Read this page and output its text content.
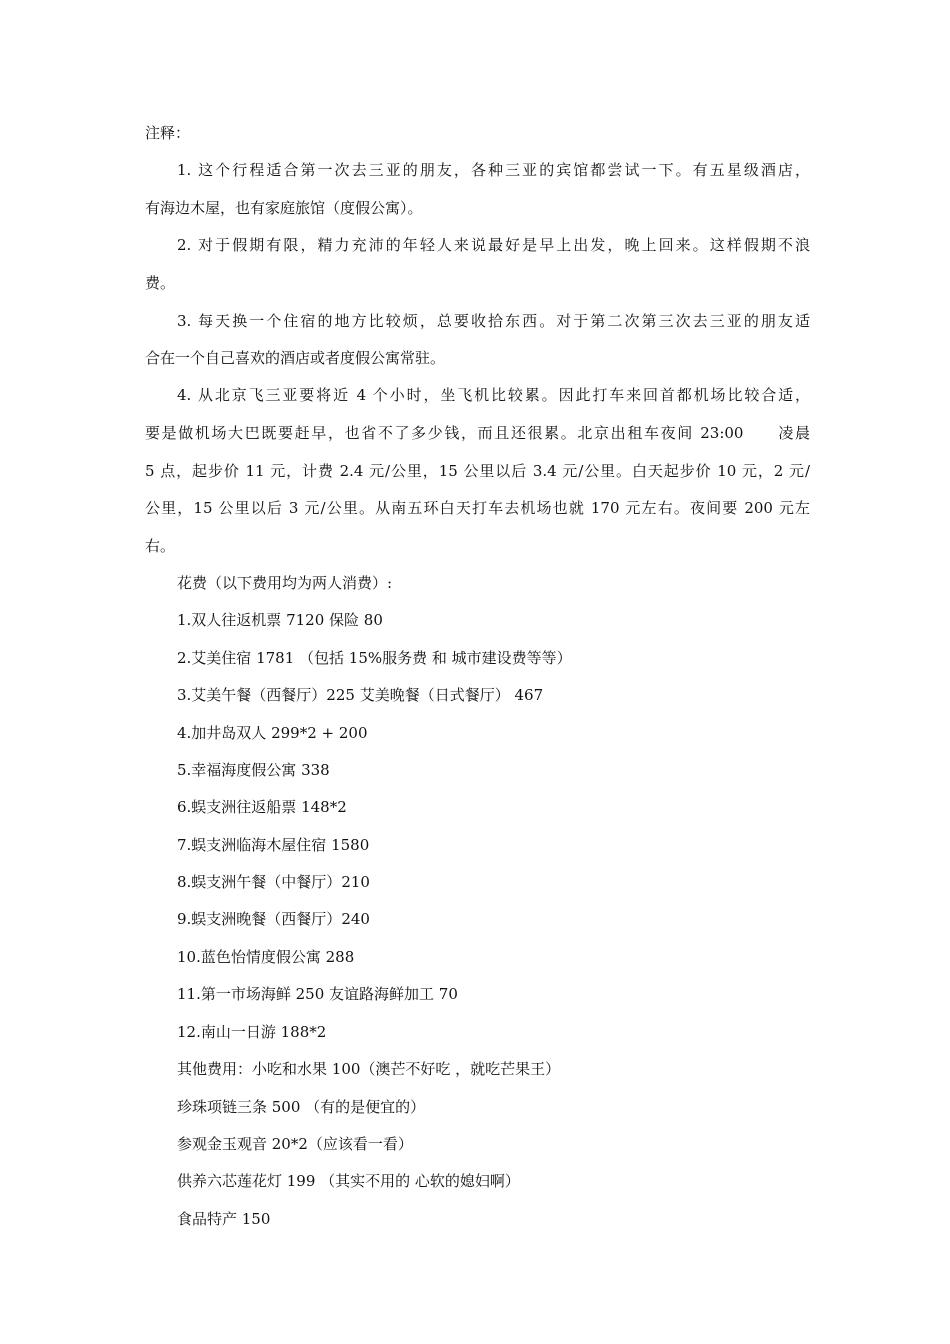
注释：
1. 这个行程适合第一次去三亚的朋友，各种三亚的宾馆都尝试一下。有五星级酒店，
有海边木屋，也有家庭旅馆（度假公寓）。
2. 对于假期有限，精力充沛的年轻人来说最好是早上出发，晚上回来。这样假期不浪
费。
3. 每天换一个住宿的地方比较烦，总要收拾东西。对于第二次第三次去三亚的朋友适
合在一个自己喜欢的酒店或者度假公寓常驻。
4. 从北京飞三亚要将近 4 个小时，坐飞机比较累。因此打车来回首都机场比较合适，
要是做机场大巴既要赶早，也省不了多少钱，而且还很累。北京出租车夜间 23:00　　凌晨
5 点，起步价 11 元，计费 2.4 元/公里，15 公里以后 3.4 元/公里。白天起步价 10 元，2 元/
公里，15 公里以后 3 元/公里。从南五环白天打车去机场也就 170 元左右。夜间要 200 元左
右。
花费（以下费用均为两人消费）:
1.双人往返机票 7120 保险 80
2.艾美住宿 1781 （包括 15%服务费 和 城市建设费等等）
3.艾美午餐（西餐厅）225 艾美晚餐（日式餐厅） 467
4.加井岛双人 299*2 + 200
5.幸福海度假公寓 338
6.蜈支洲往返船票 148*2
7.蜈支洲临海木屋住宿 1580
8.蜈支洲午餐（中餐厅）210
9.蜈支洲晚餐（西餐厅）240
10.蓝色怡情度假公寓 288
11.第一市场海鲜 250 友谊路海鲜加工 70
12.南山一日游 188*2
其他费用：小吃和水果 100（澳芒不好吃 ，就吃芒果王）
珍珠项链三条 500 （有的是便宜的）
参观金玉观音 20*2（应该看一看）
供养六芯莲花灯 199 （其实不用的 心软的媳妇啊）
食品特产 150
